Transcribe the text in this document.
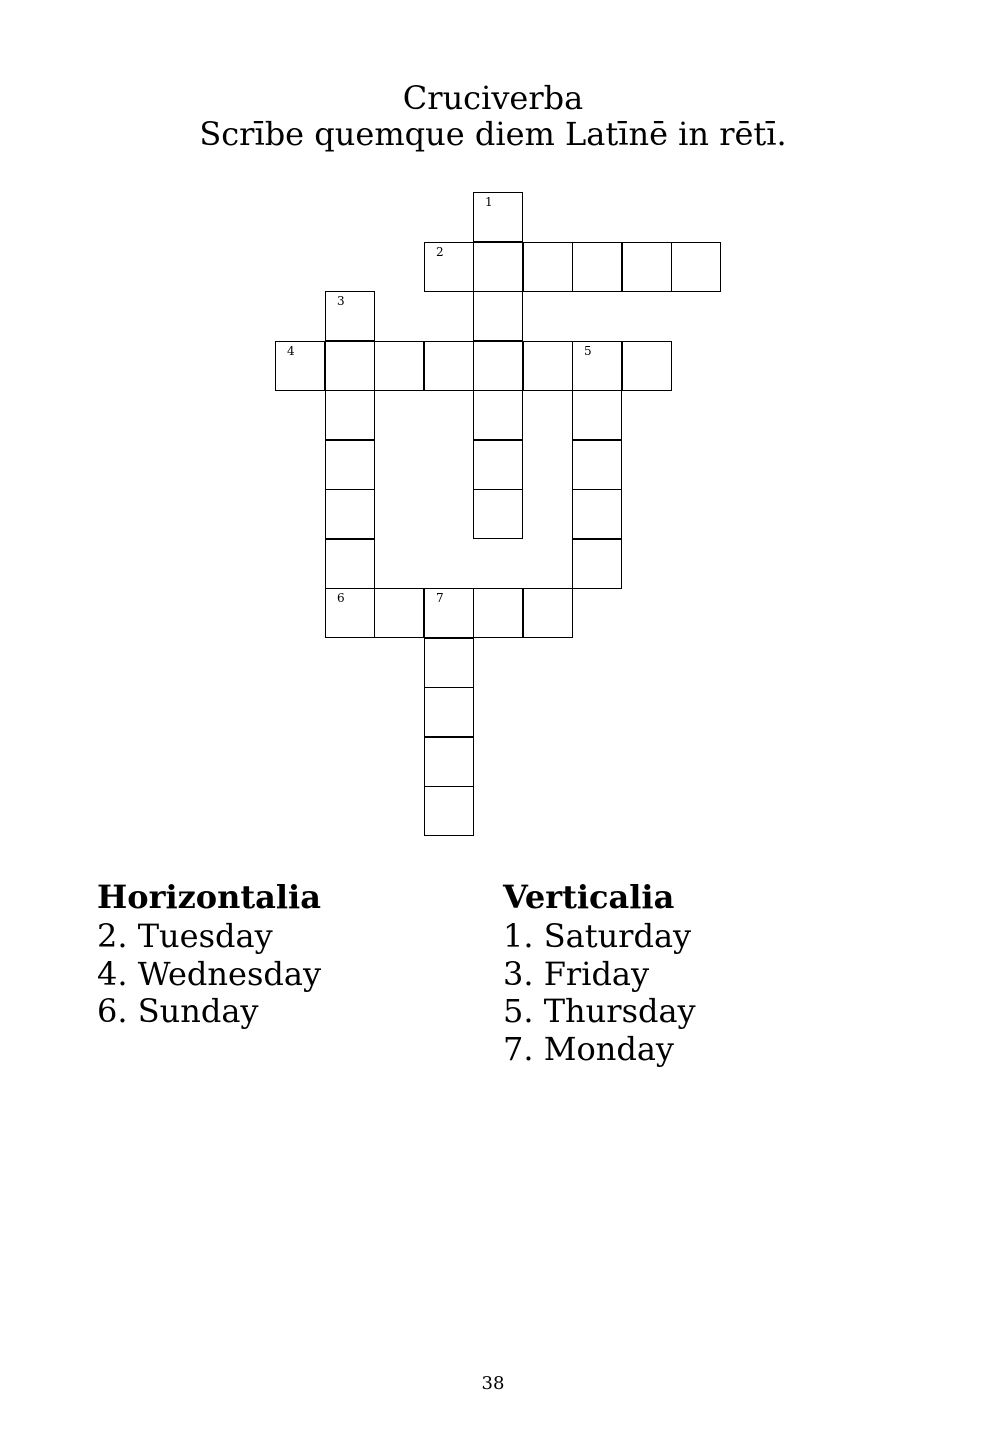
Cruciverba
Scrībe quemque diem Latīnē in rētī.
1
2
3
4	5
6	7
Horizontalia
2. Tuesday
4. Wednesday
6. Sunday
Verticalia
1. Saturday
3. Friday
5. Thursday
7. Monday
38
